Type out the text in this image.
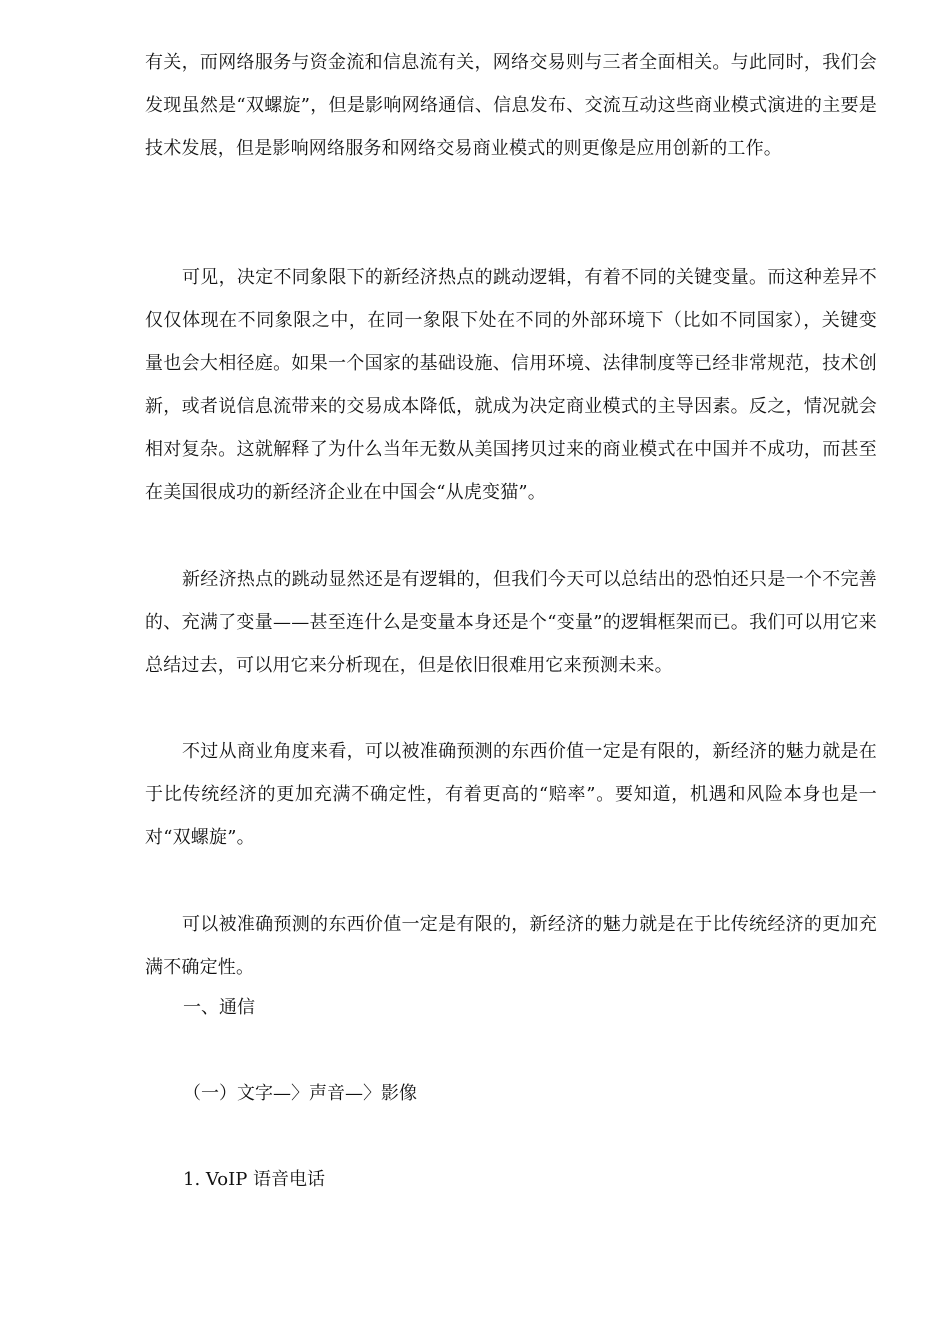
有关，而网络服务与资金流和信息流有关，网络交易则与三者全面相关。与此同时，我们会发现虽然是“双螺旋”，但是影响网络通信、信息发布、交流互动这些商业模式演进的主要是技术发展，但是影响网络服务和网络交易商业模式的则更像是应用创新的工作。

可见，决定不同象限下的新经济热点的跳动逻辑，有着不同的关键变量。而这种差异不仅仅体现在不同象限之中，在同一象限下处在不同的外部环境下（比如不同国家），关键变量也会大相径庭。如果一个国家的基础设施、信用环境、法律制度等已经非常规范，技术创新，或者说信息流带来的交易成本降低，就成为决定商业模式的主导因素。反之，情况就会相对复杂。这就解释了为什么当年无数从美国拷贝过来的商业模式在中国并不成功，而甚至在美国很成功的新经济企业在中国会“从虎变猫”。

新经济热点的跳动显然还是有逻辑的，但我们今天可以总结出的恐怕还只是一个不完善的、充满了变量——甚至连什么是变量本身还是个“变量”的逻辑框架而已。我们可以用它来总结过去，可以用它来分析现在，但是依旧很难用它来预测未来。

不过从商业角度来看，可以被准确预测的东西价值一定是有限的，新经济的魅力就是在于比传统经济的更加充满不确定性，有着更高的“赔率”。要知道，机遇和风险本身也是一对“双螺旋”。

可以被准确预测的东西价值一定是有限的，新经济的魅力就是在于比传统经济的更加充满不确定性。

一、通信

（一）文字—〉声音—〉影像

1. VoIP 语音电话
